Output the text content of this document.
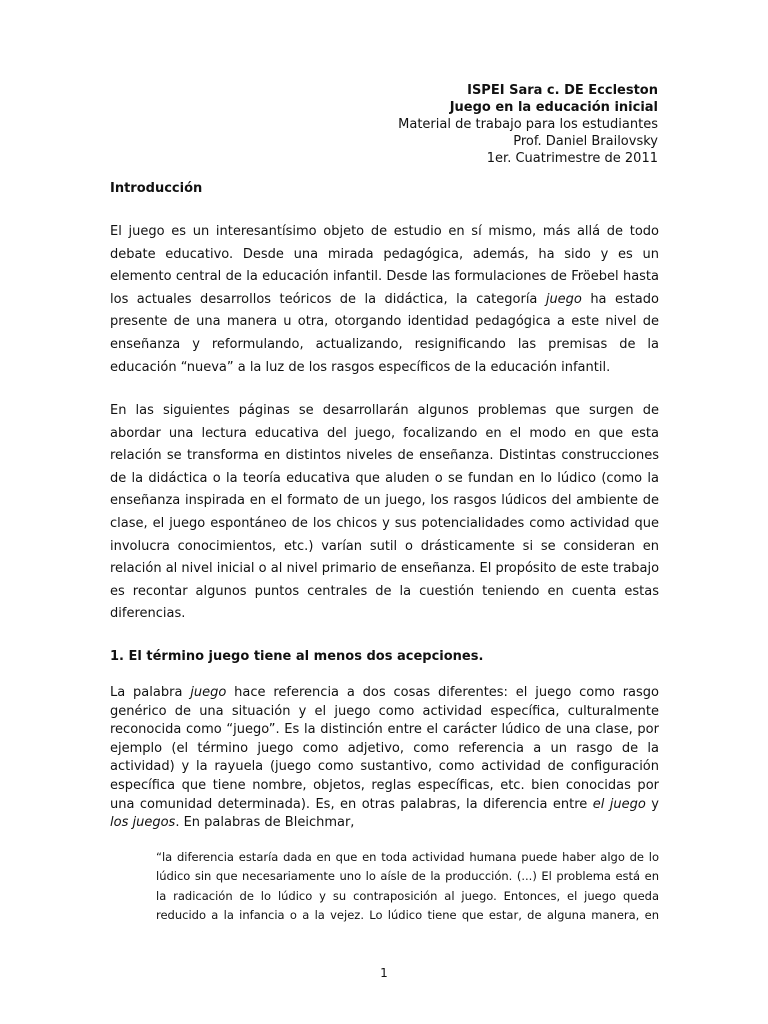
ISPEI Sara c. DE Eccleston
Juego en la educación inicial
Material de trabajo para los estudiantes
Prof. Daniel Brailovsky
1er. Cuatrimestre de 2011
Introducción
El juego es un interesantísimo objeto de estudio en sí mismo, más allá de todo
debate educativo. Desde una mirada pedagógica, además, ha sido y es un
elemento central de la educación infantil. Desde las formulaciones de Fröebel hasta
los actuales desarrollos teóricos de la didáctica, la categoría juego ha estado
presente de una manera u otra, otorgando identidad pedagógica a este nivel de
enseñanza y reformulando, actualizando, resignificando las premisas de la
educación “nueva” a la luz de los rasgos específicos de la educación infantil.
En las siguientes páginas se desarrollarán algunos problemas que surgen de
abordar una lectura educativa del juego, focalizando en el modo en que esta
relación se transforma en distintos niveles de enseñanza. Distintas construcciones
de la didáctica o la teoría educativa que aluden o se fundan en lo lúdico (como la
enseñanza inspirada en el formato de un juego, los rasgos lúdicos del ambiente de
clase, el juego espontáneo de los chicos y sus potencialidades como actividad que
involucra conocimientos, etc.) varían sutil o drásticamente si se consideran en
relación al nivel inicial o al nivel primario de enseñanza. El propósito de este trabajo
es recontar algunos puntos centrales de la cuestión teniendo en cuenta estas
diferencias.
1. El término juego tiene al menos dos acepciones.
La palabra juego hace referencia a dos cosas diferentes: el juego como rasgo
genérico de una situación y el juego como actividad específica, culturalmente
reconocida como “juego”. Es la distinción entre el carácter lúdico de una clase, por
ejemplo (el término juego como adjetivo, como referencia a un rasgo de la
actividad) y la rayuela (juego como sustantivo, como actividad de configuración
específica que tiene nombre, objetos, reglas específicas, etc. bien conocidas por
una comunidad determinada). Es, en otras palabras, la diferencia entre el juego y
los juegos. En palabras de Bleichmar,
“la diferencia estaría dada en que en toda actividad humana puede haber algo de lo
lúdico sin que necesariamente uno lo aísle de la producción. (...) El problema está en
la radicación de lo lúdico y su contraposición al juego. Entonces, el juego queda
reducido a la infancia o a la vejez. Lo lúdico tiene que estar, de alguna manera, en
1
